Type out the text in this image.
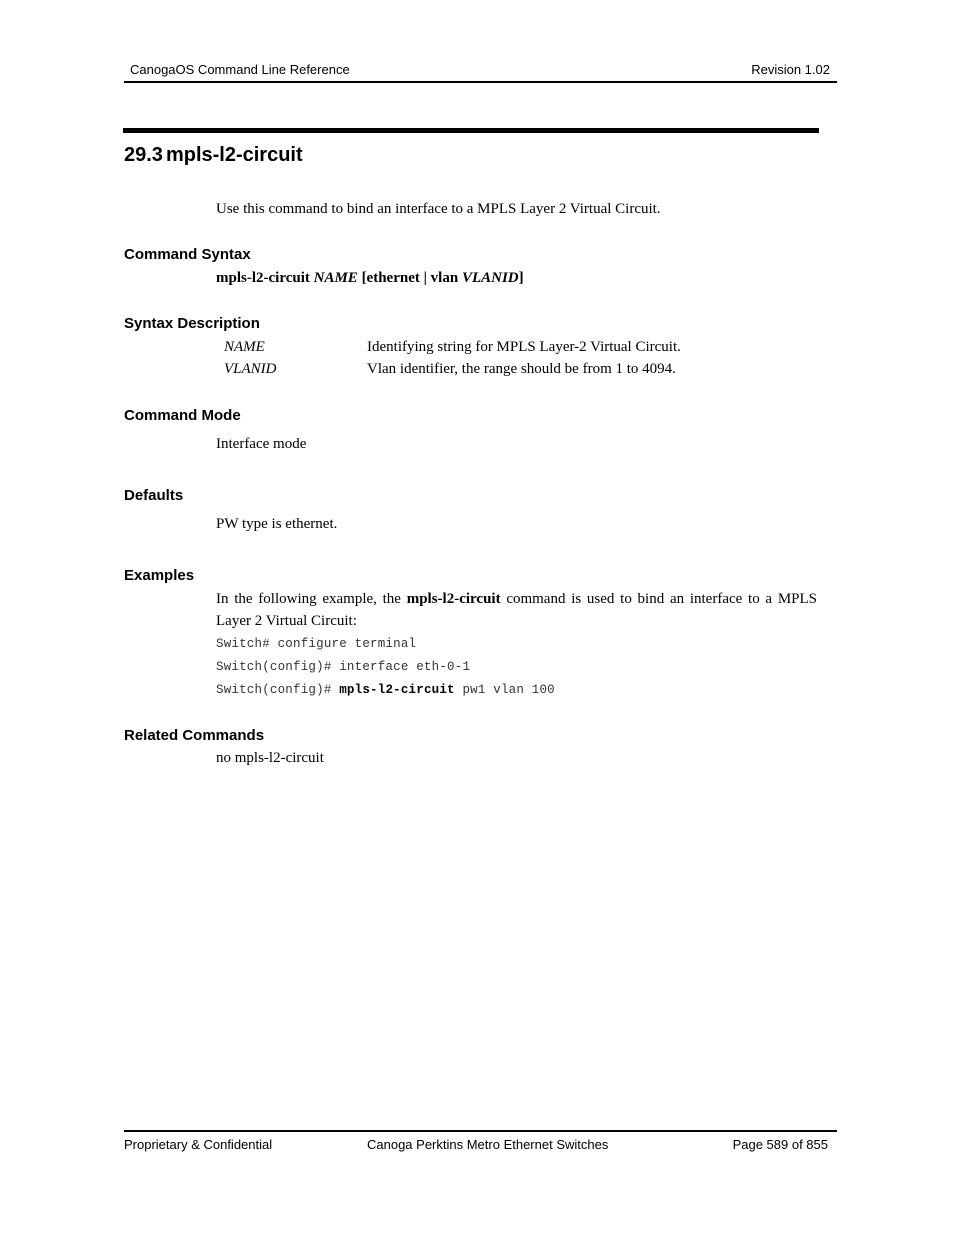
CanogaOS Command Line Reference	Revision 1.02
29.3 mpls-l2-circuit
Use this command to bind an interface to a MPLS Layer 2 Virtual Circuit.
Command Syntax
mpls-l2-circuit NAME [ethernet | vlan VLANID]
Syntax Description
NAME	Identifying string for MPLS Layer-2 Virtual Circuit.
VLANID	Vlan identifier, the range should be from 1 to 4094.
Command Mode
Interface mode
Defaults
PW type is ethernet.
Examples
In the following example, the mpls-l2-circuit command is used to bind an interface to a MPLS Layer 2 Virtual Circuit:
Switch# configure terminal
Switch(config)# interface eth-0-1
Switch(config)# mpls-l2-circuit pw1 vlan 100
Related Commands
no mpls-l2-circuit
Proprietary & Confidential	Canoga Perktins Metro Ethernet Switches	Page 589 of 855
